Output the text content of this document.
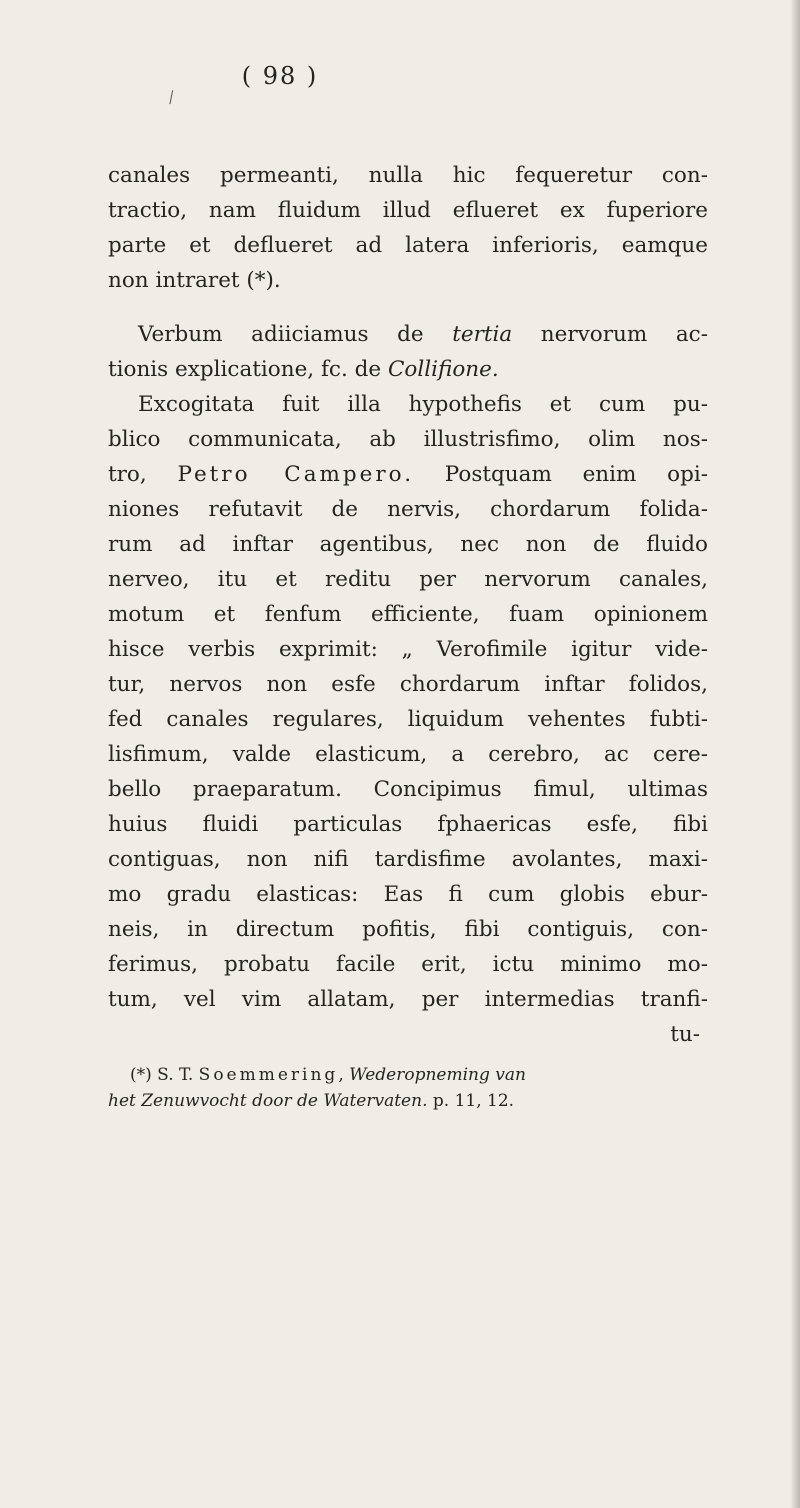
( 98 )
⁄
canales permeanti, nulla hic fequeretur con-
tractio, nam fluidum illud eflueret ex fuperiore
parte et deflueret ad latera inferioris, eamque
non intraret (*).
Verbum adiiciamus de tertia nervorum ac-
tionis explicatione, fc. de Collifione.
Excogitata fuit illa hypothefis et cum pu-
blico communicata, ab illustrisfimo, olim nos-
tro, Petro Campero. Postquam enim opi-
niones refutavit de nervis, chordarum folida-
rum ad inftar agentibus, nec non de fluido
nerveo, itu et reditu per nervorum canales,
motum et fenfum efficiente, fuam opinionem
hisce verbis exprimit: „ Verofimile igitur vide-
tur, nervos non esfe chordarum inftar folidos,
fed canales regulares, liquidum vehentes fubti-
lisfimum, valde elasticum, a cerebro, ac cere-
bello praeparatum. Concipimus fimul, ultimas
huius fluidi particulas fphaericas esfe, fibi
contiguas, non nifi tardisfime avolantes, maxi-
mo gradu elasticas: Eas fi cum globis ebur-
neis, in directum pofitis, fibi contiguis, con-
ferimus, probatu facile erit, ictu minimo mo-
tum, vel vim allatam, per intermedias tranfi-
tu-
(*) S. T. Soemmering, Wederopneming van
het Zenuwvocht door de Watervaten. p. 11, 12.
